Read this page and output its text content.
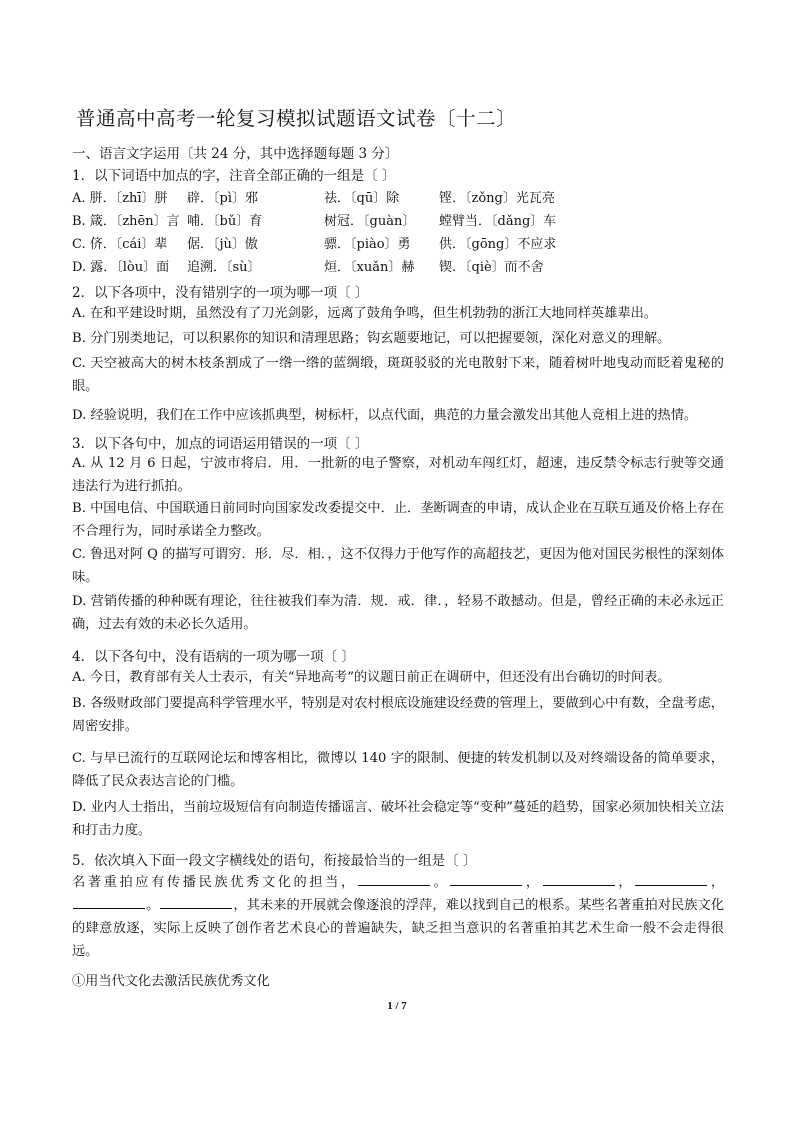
普通高中高考一轮复习模拟试题语文试卷〔十二〕
一、语言文字运用〔共 24 分，其中选择题每题 3 分〕
1．以下词语中加点的字，注音全部正确的一组是〔 〕
A. 胼．〔zhī〕胼 辟．〔pì〕邪	祛．〔qū〕除	铿．〔zǒng〕光瓦亮
B. 箴．〔zhēn〕言 哺．〔bǔ〕育	树冠．〔guàn〕 螳臂当．〔dǎng〕车
C. 侪．〔cái〕辈 倨．〔jù〕傲	骠．〔piào〕勇 供．〔gōng〕不应求
D. 露．〔lòu〕面 追溯．〔sù〕	烜．〔xuǎn〕赫 锲．〔qiè〕而不舍
2．以下各项中，没有错别字的一项为哪一项〔 〕
A. 在和平建设时期，虽然没有了刀光剑影，远离了鼓角争鸣，但生机勃勃的浙江大地同样英雄辈出。
B. 分门别类地记，可以积累你的知识和清理思路；钩玄题要地记，可以把握要领，深化对意义的理解。
C. 天空被高大的树木枝条割成了一绺一绺的蓝绸缎，斑斑驳驳的光电散射下来，随着树叶地曳动而眨着鬼秘的眼。
D. 经验说明，我们在工作中应该抓典型，树标杆，以点代面，典范的力量会激发出其他人竞相上进的热情。
3．以下各句中，加点的词语运用错误的一项〔 〕
A. 从 12 月 6 日起，宁波市将启．用．一批新的电子警察，对机动车闯红灯，超速，违反禁令标志行驶等交通违法行为进行抓拍。
B. 中国电信、中国联通日前同时向国家发改委提交中．止．垄断调查的申请，成认企业在互联互通及价格上存在不合理行为，同时承诺全力整改。
C. 鲁迅对阿 Q 的描写可谓穷．形．尽．相．，这不仅得力于他写作的高超技艺，更因为他对国民劣根性的深刻体味。
D. 营销传播的种种既有理论，往往被我们奉为清．规．戒．律．，轻易不敢撼动。但是，曾经正确的未必永远正确，过去有效的未必长久适用。
4．以下各句中，没有语病的一项为哪一项〔 〕
A. 今日，教育部有关人士表示，有关“异地高考”的议题日前正在调研中，但还没有出台确切的时间表。
B. 各级财政部门要提高科学管理水平，特别是对农村根底设施建设经费的管理上，要做到心中有数，全盘考虑，周密安排。
C. 与早已流行的互联网论坛和博客相比，微博以 140 字的限制、便捷的转发机制以及对终端设备的简单要求，降低了民众表达言论的门槛。
D. 业内人士指出，当前垃圾短信有向制造传播谣言、破坏社会稳定等“变种”蔓延的趋势，国家必须加快相关立法和打击力度。
5．依次填入下面一段文字横线处的语句，衔接最恰当的一组是〔 〕
名著重拍应有传播民族优秀文化的担当，	。	，	，	，。	，其未来的开展就会像逐浪的浮萍，难以找到自己的根系。某些名著重拍对民族文化的肆意放逐，实际上反映了创作者艺术良心的普遍缺失，缺乏担当意识的名著重拍其艺术生命一般不会走得很远。
①用当代文化去激活民族优秀文化
1 / 7
